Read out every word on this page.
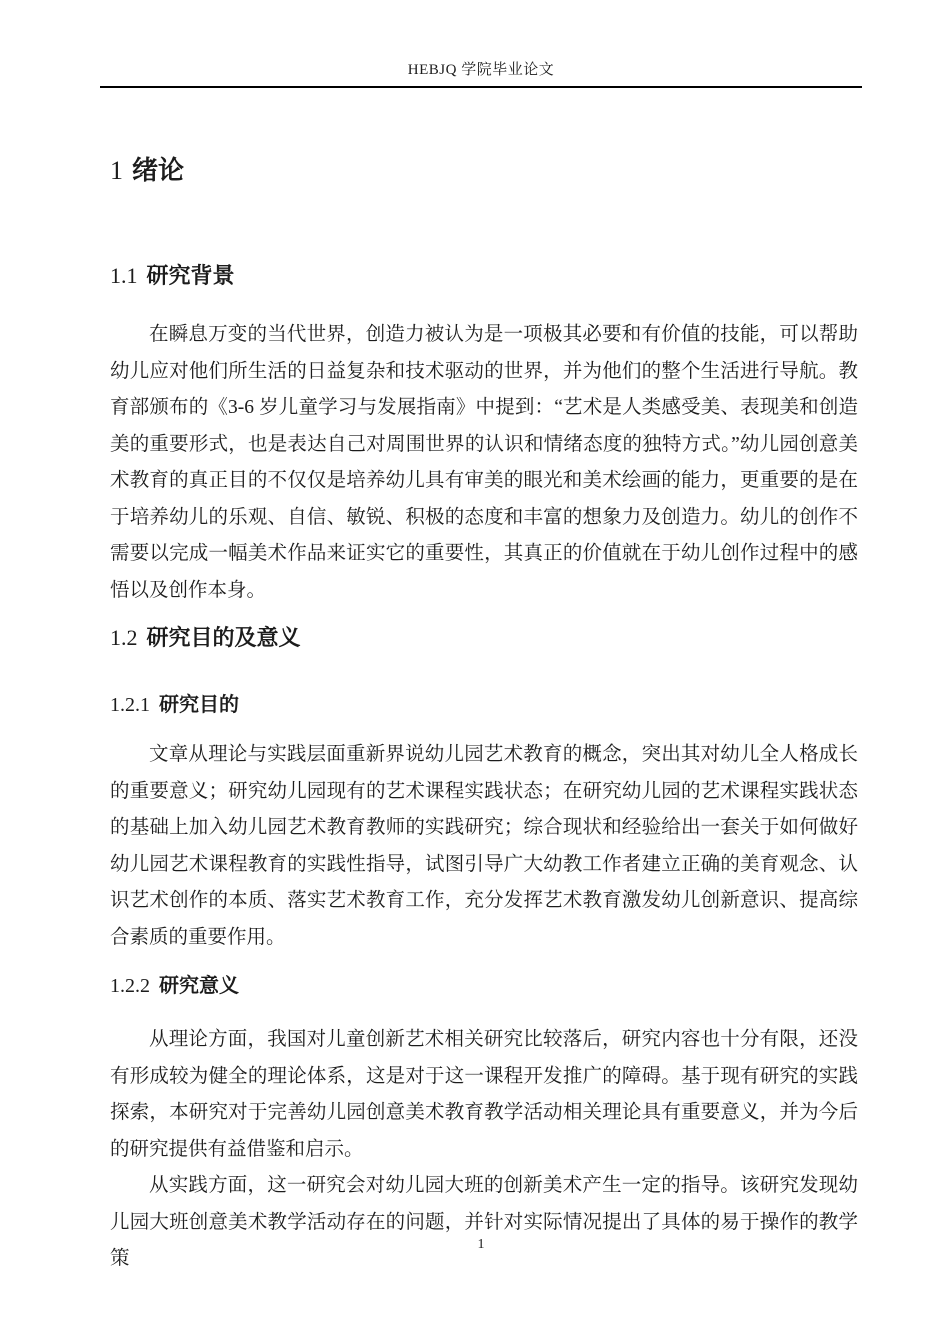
HEBJQ 学院毕业论文
1 绪论
1.1 研究背景

在瞬息万变的当代世界，创造力被认为是一项极其必要和有价值的技能，可以帮助幼儿应对他们所生活的日益复杂和技术驱动的世界，并为他们的整个生活进行导航。教育部颁布的《3-6 岁儿童学习与发展指南》中提到：“艺术是人类感受美、表现美和创造美的重要形式，也是表达自己对周围世界的认识和情绪态度的独特方式。”幼儿园创意美术教育的真正目的不仅仅是培养幼儿具有审美的眼光和美术绘画的能力，更重要的是在于培养幼儿的乐观、自信、敏锐、积极的态度和丰富的想象力及创造力。幼儿的创作不需要以完成一幅美术作品来证实它的重要性，其真正的价值就在于幼儿创作过程中的感悟以及创作本身。

1.2 研究目的及意义
1.2.1 研究目的

文章从理论与实践层面重新界说幼儿园艺术教育的概念，突出其对幼儿全人格成长的重要意义；研究幼儿园现有的艺术课程实践状态；在研究幼儿园的艺术课程实践状态的基础上加入幼儿园艺术教育教师的实践研究；综合现状和经验给出一套关于如何做好幼儿园艺术课程教育的实践性指导，试图引导广大幼教工作者建立正确的美育观念、认识艺术创作的本质、落实艺术教育工作，充分发挥艺术教育激发幼儿创新意识、提高综合素质的重要作用。

1.2.2 研究意义

从理论方面，我国对儿童创新艺术相关研究比较落后，研究内容也十分有限，还没有形成较为健全的理论体系，这是对于这一课程开发推广的障碍。基于现有研究的实践探索，本研究对于完善幼儿园创意美术教育教学活动相关理论具有重要意义，并为今后的研究提供有益借鉴和启示。

从实践方面，这一研究会对幼儿园大班的创新美术产生一定的指导。该研究发现幼儿园大班创意美术教学活动存在的问题，并针对实际情况提出了具体的易于操作的教学策

1
